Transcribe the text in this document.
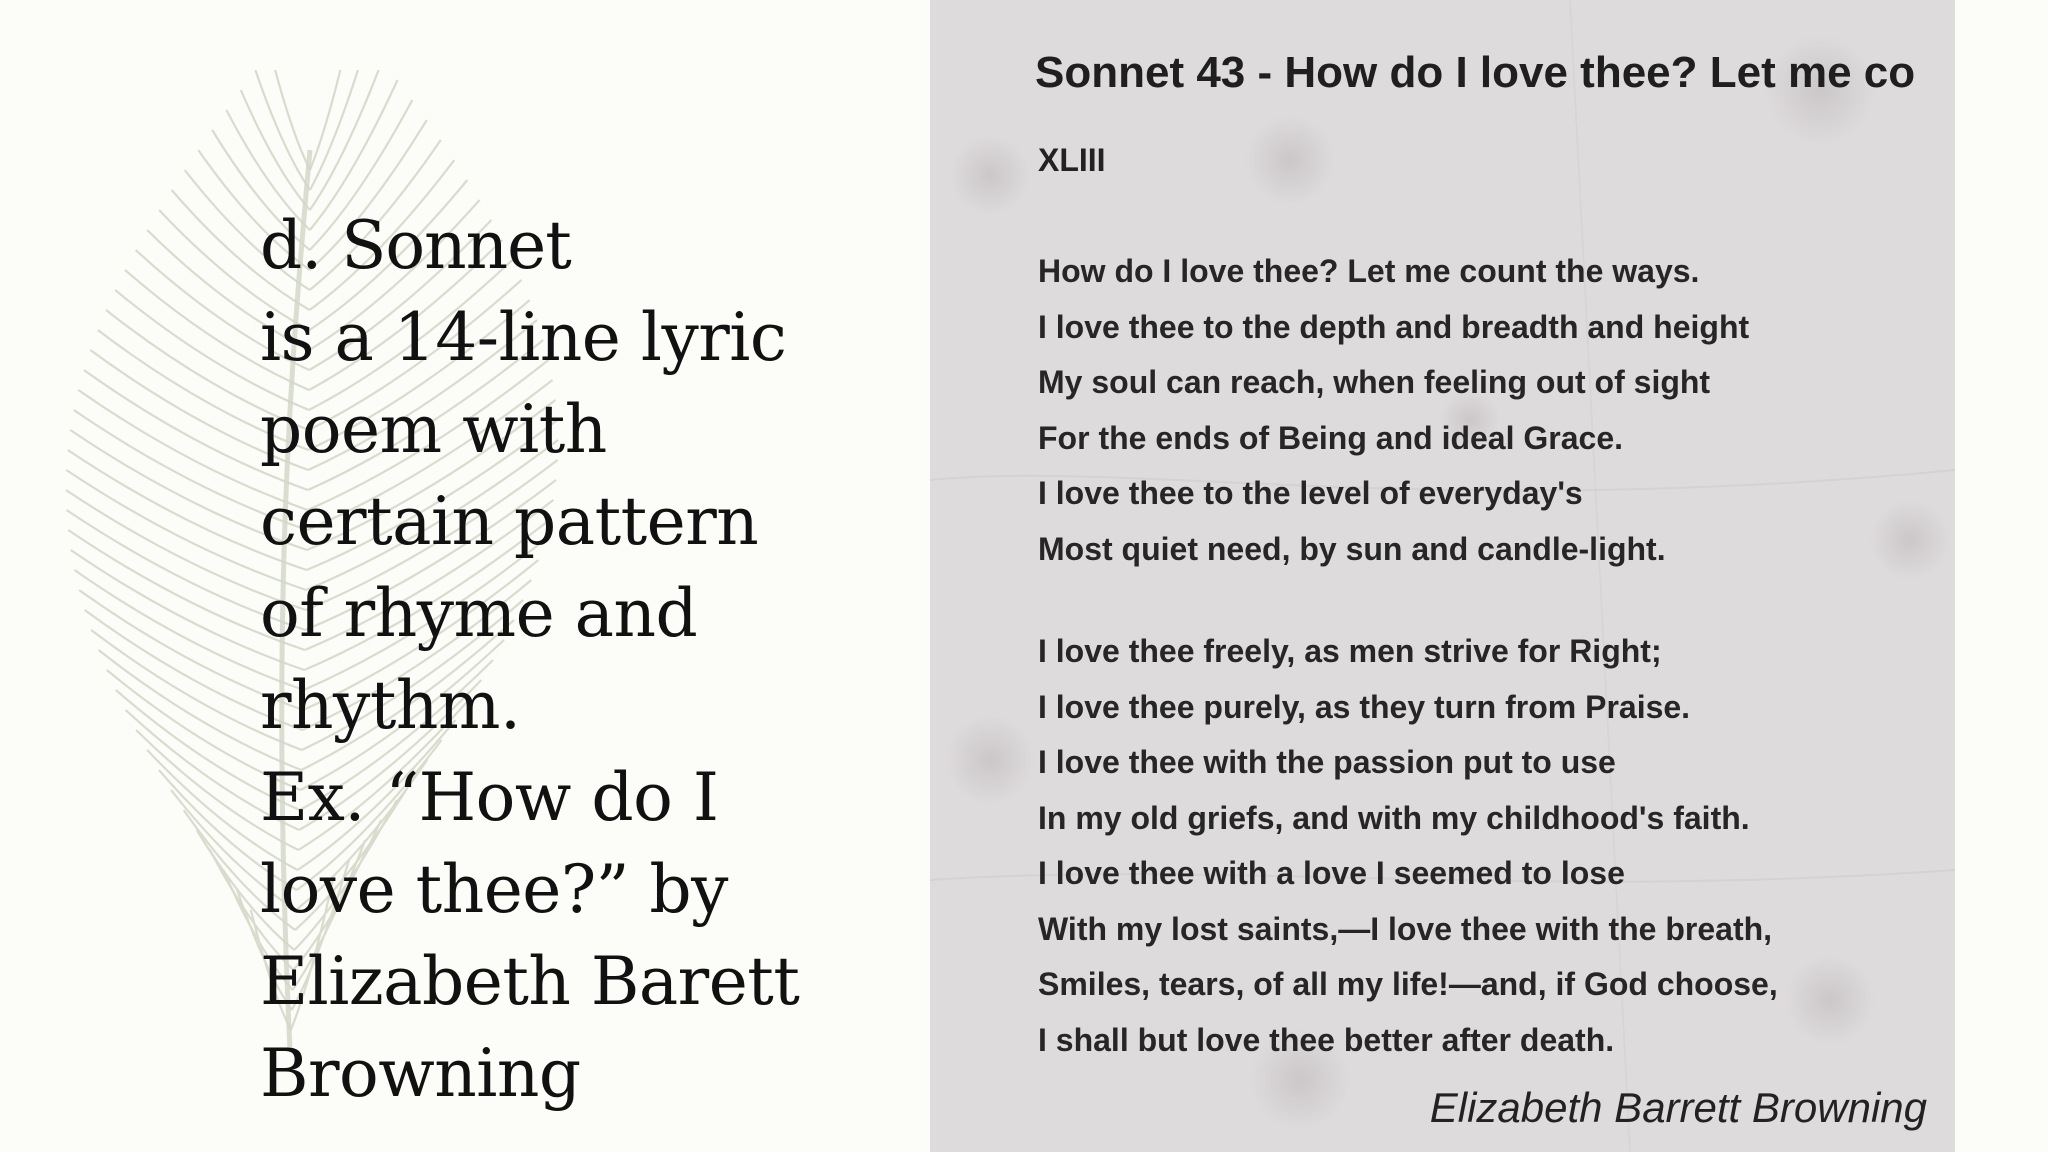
d. Sonnet
is a 14-line lyric
poem with
certain pattern
of rhyme and
rhythm.
Ex. “How do I
love thee?” by
Elizabeth Barett
Browning
Sonnet 43 - How do I love thee? Let me co
XLIII
How do I love thee? Let me count the ways.
I love thee to the depth and breadth and height
My soul can reach, when feeling out of sight
For the ends of Being and ideal Grace.
I love thee to the level of everyday's
Most quiet need, by sun and candle-light.
I love thee freely, as men strive for Right;
I love thee purely, as they turn from Praise.
I love thee with the passion put to use
In my old griefs, and with my childhood's faith.
I love thee with a love I seemed to lose
With my lost saints,—I love thee with the breath,
Smiles, tears, of all my life!—and, if God choose,
I shall but love thee better after death.
Elizabeth Barrett Browning
